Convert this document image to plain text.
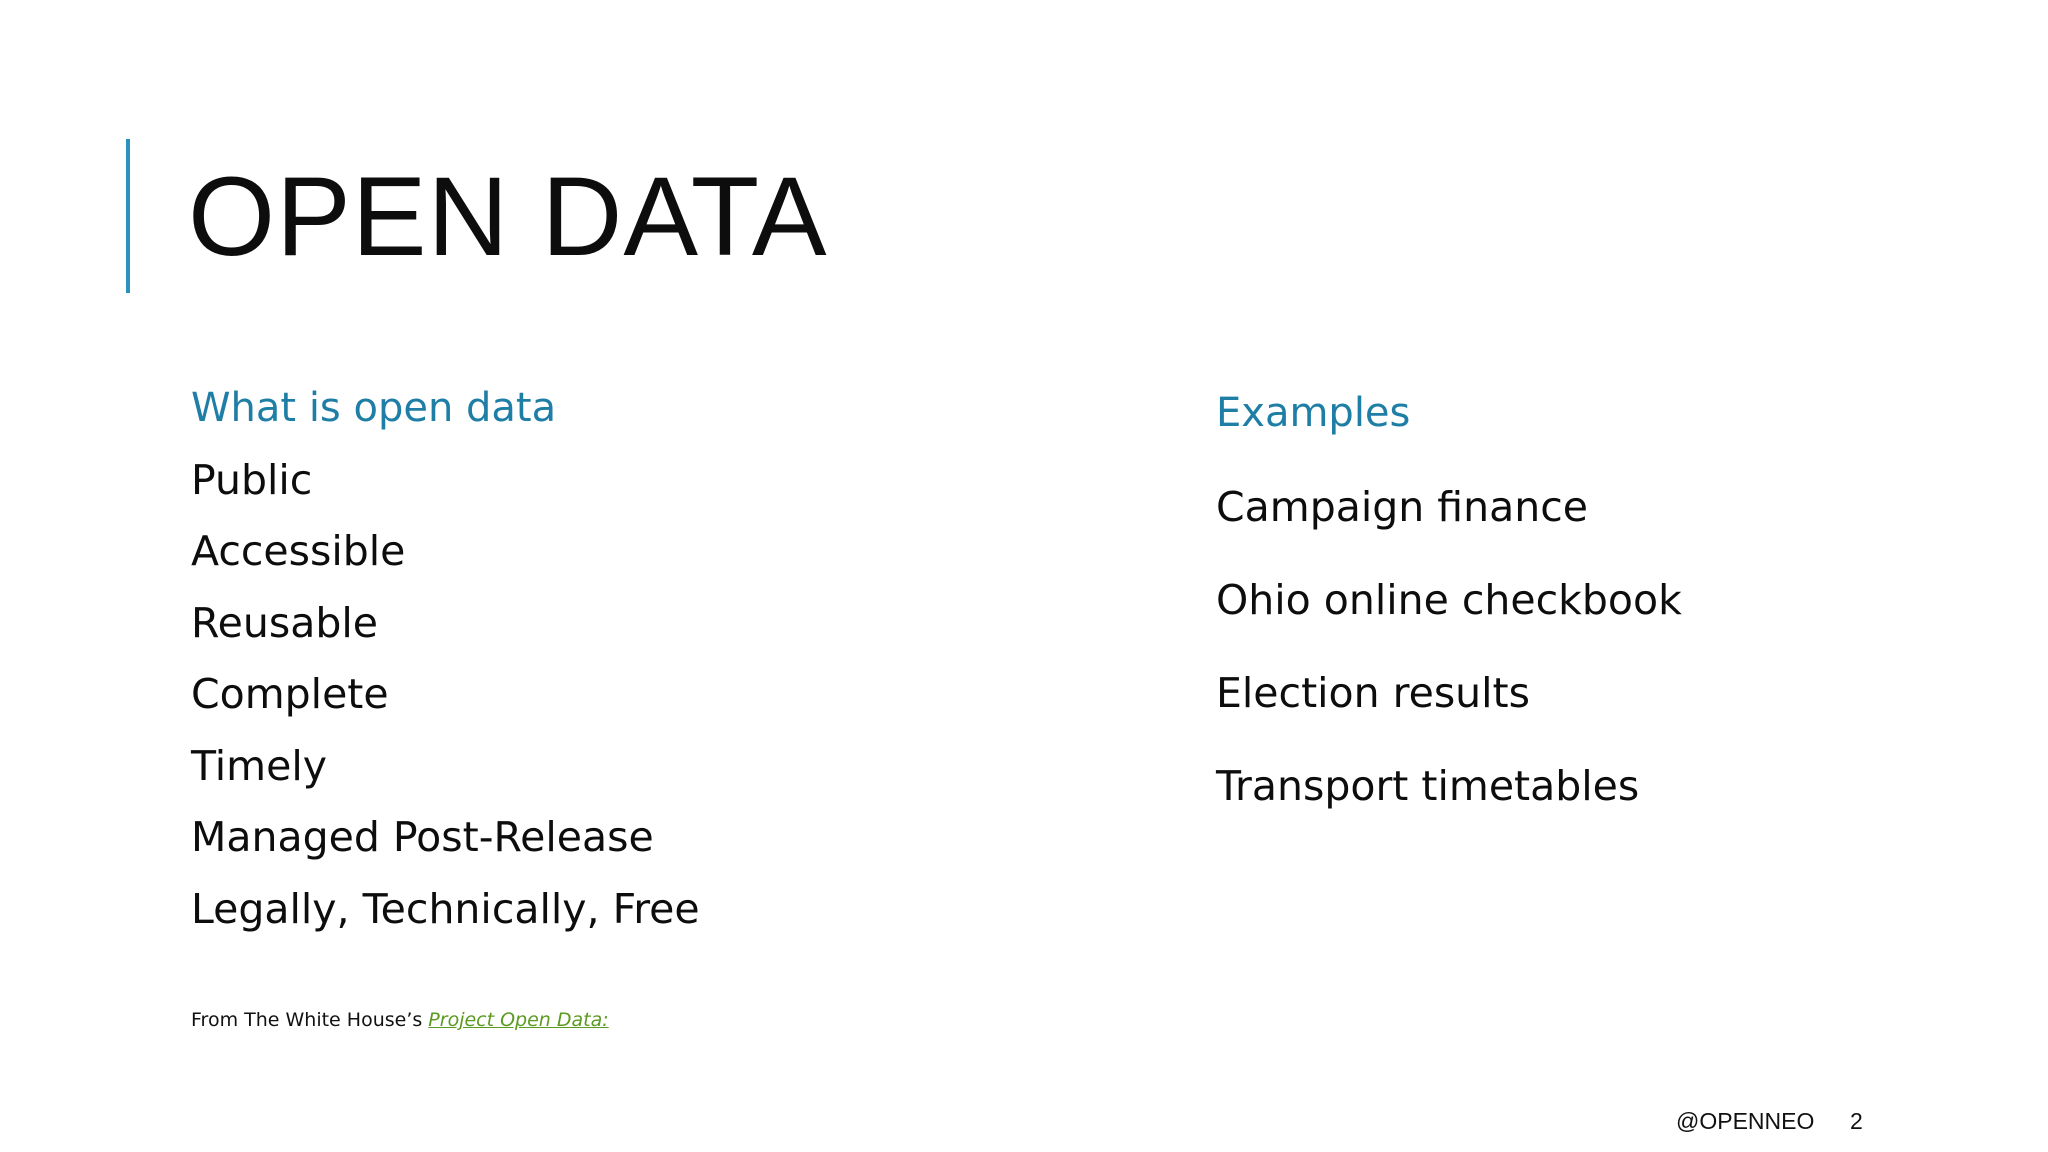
OPEN DATA
What is open data
Public
Accessible
Reusable
Complete
Timely
Managed Post-Release
Legally, Technically, Free
Examples
Campaign finance
Ohio online checkbook
Election results
Transport timetables
From The White House’s Project Open Data:
@OPENNEO 2
